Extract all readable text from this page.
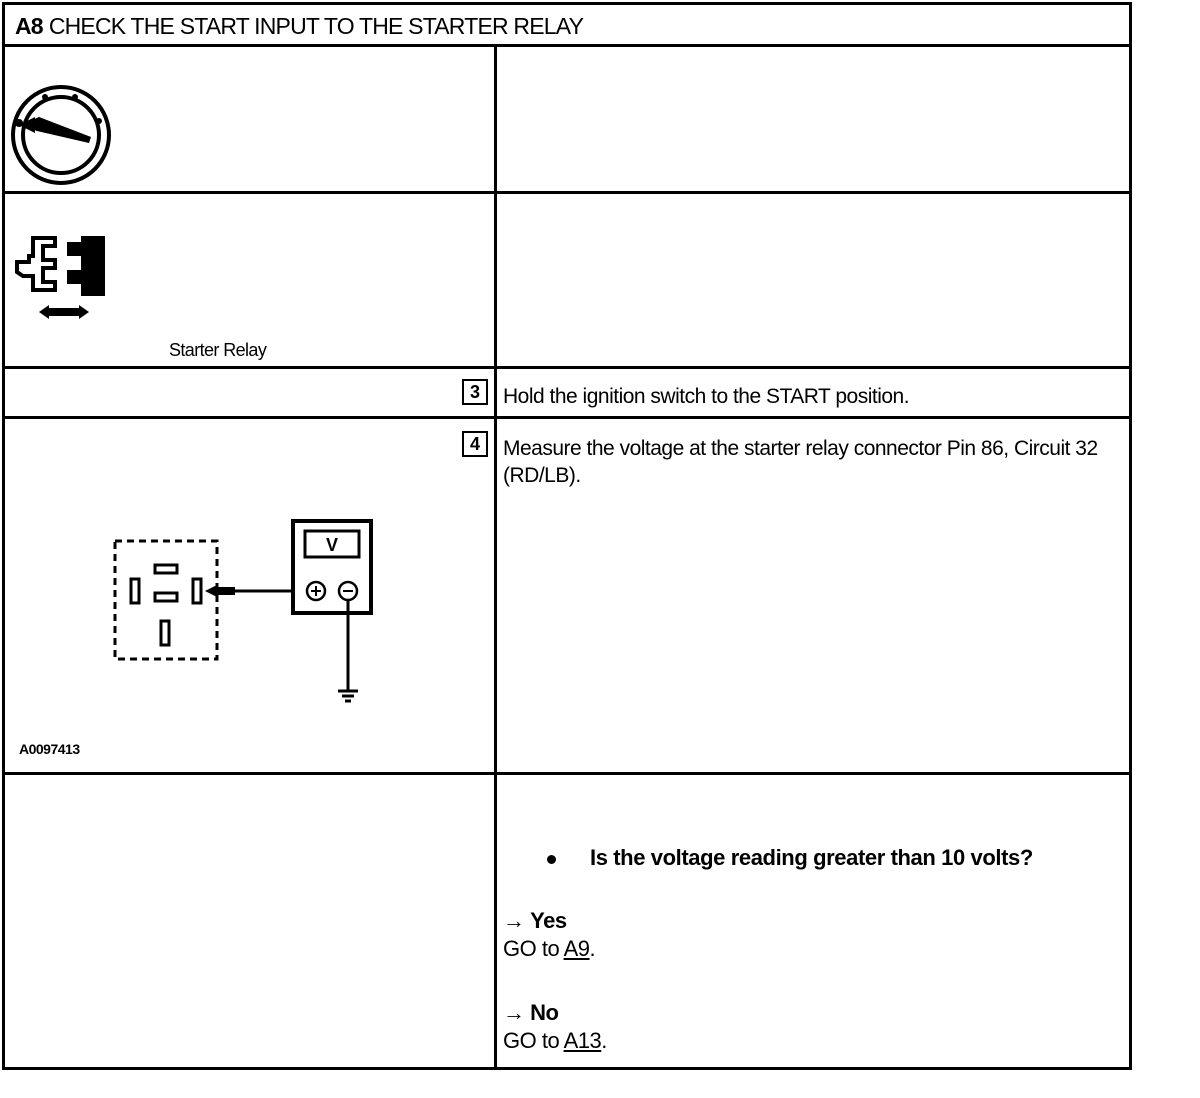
A8 CHECK THE START INPUT TO THE STARTER RELAY
Starter Relay
3	Hold the ignition switch to the START position.
4
V
A0097413
Measure the voltage at the starter relay connector Pin 86, Circuit 32 (RD/LB).
Is the voltage reading greater than 10 volts?
→ Yes
GO to A9.
→ No
GO to A13.
